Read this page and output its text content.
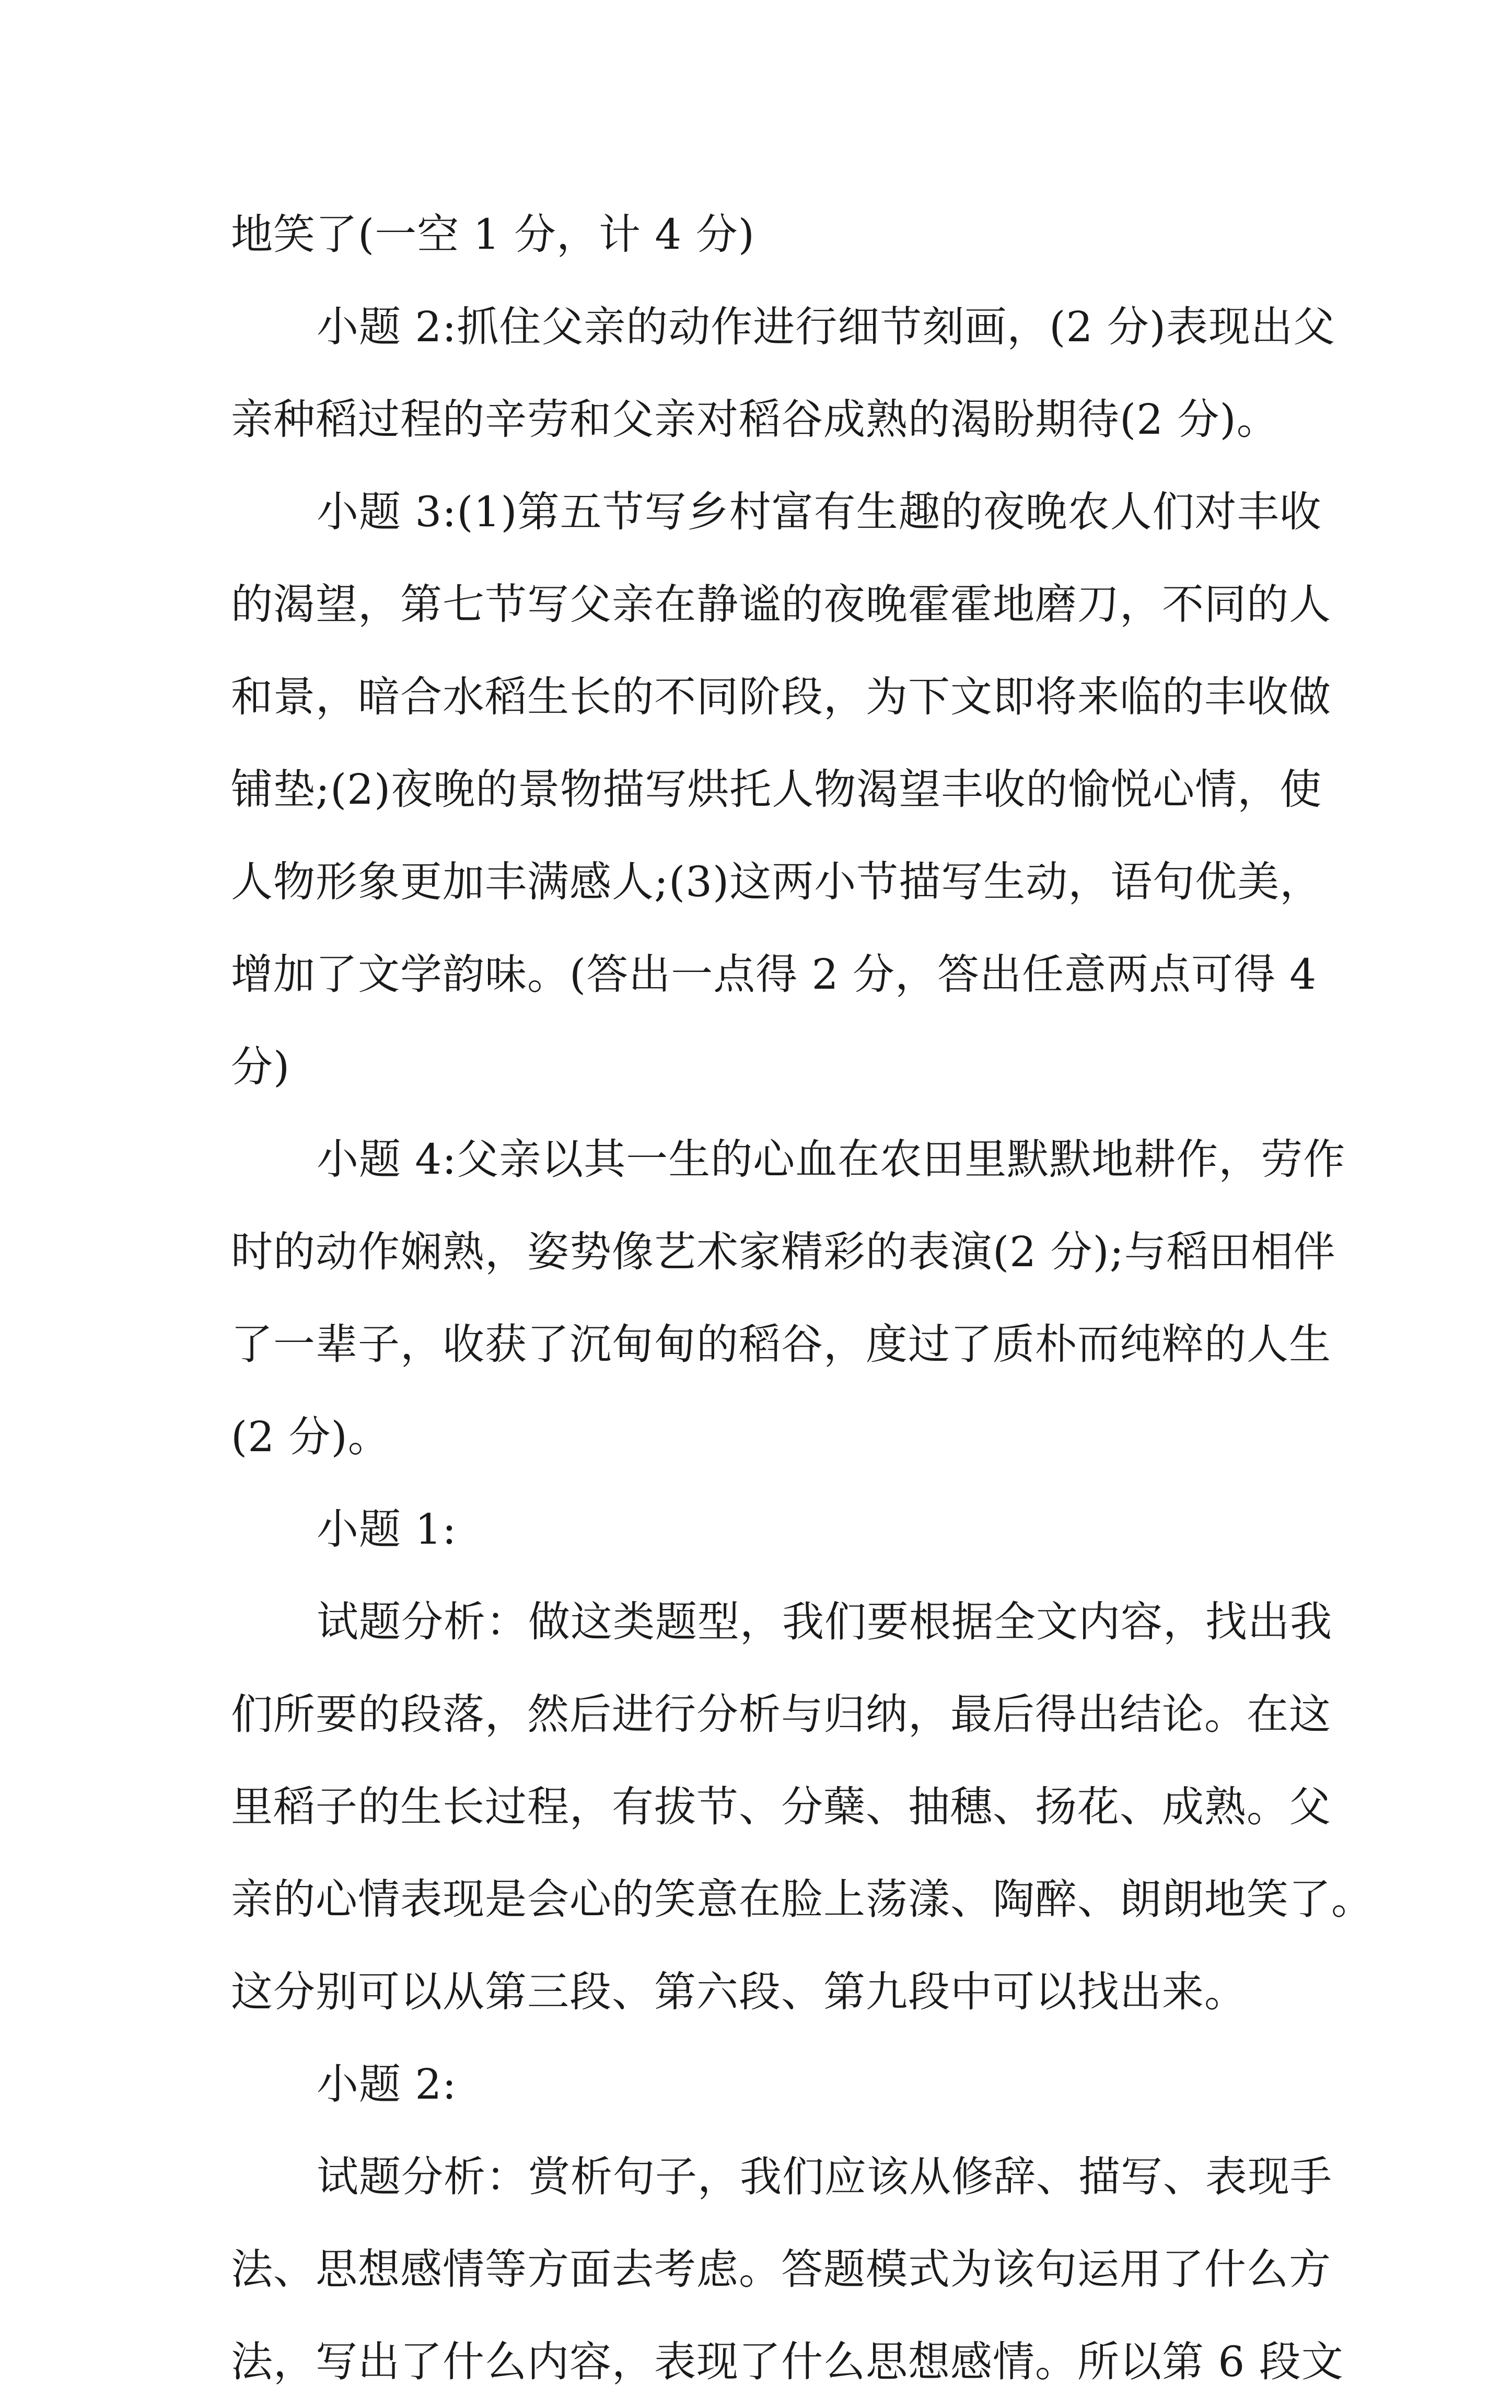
地笑了(一空 1 分，计 4 分)
小题 2:抓住父亲的动作进行细节刻画，(2 分)表现出父
亲种稻过程的辛劳和父亲对稻谷成熟的渴盼期待(2 分)。
小题 3:(1)第五节写乡村富有生趣的夜晚农人们对丰收
的渴望，第七节写父亲在静谧的夜晚霍霍地磨刀，不同的人
和景，暗合水稻生长的不同阶段，为下文即将来临的丰收做
铺垫;(2)夜晚的景物描写烘托人物渴望丰收的愉悦心情，使
人物形象更加丰满感人;(3)这两小节描写生动，语句优美，
增加了文学韵味。(答出一点得 2 分，答出任意两点可得 4
分)
小题 4:父亲以其一生的心血在农田里默默地耕作，劳作
时的动作娴熟，姿势像艺术家精彩的表演(2 分);与稻田相伴
了一辈子，收获了沉甸甸的稻谷，度过了质朴而纯粹的人生
(2 分)。
小题 1:
试题分析：做这类题型，我们要根据全文内容，找出我
们所要的段落，然后进行分析与归纳，最后得出结论。在这
里稻子的生长过程，有拔节、分蘖、抽穗、扬花、成熟。父
亲的心情表现是会心的笑意在脸上荡漾、陶醉、朗朗地笑了。
这分别可以从第三段、第六段、第九段中可以找出来。
小题 2:
试题分析：赏析句子，我们应该从修辞、描写、表现手
法、思想感情等方面去考虑。答题模式为该句运用了什么方
法，写出了什么内容，表现了什么思想感情。所以第 6 段文
